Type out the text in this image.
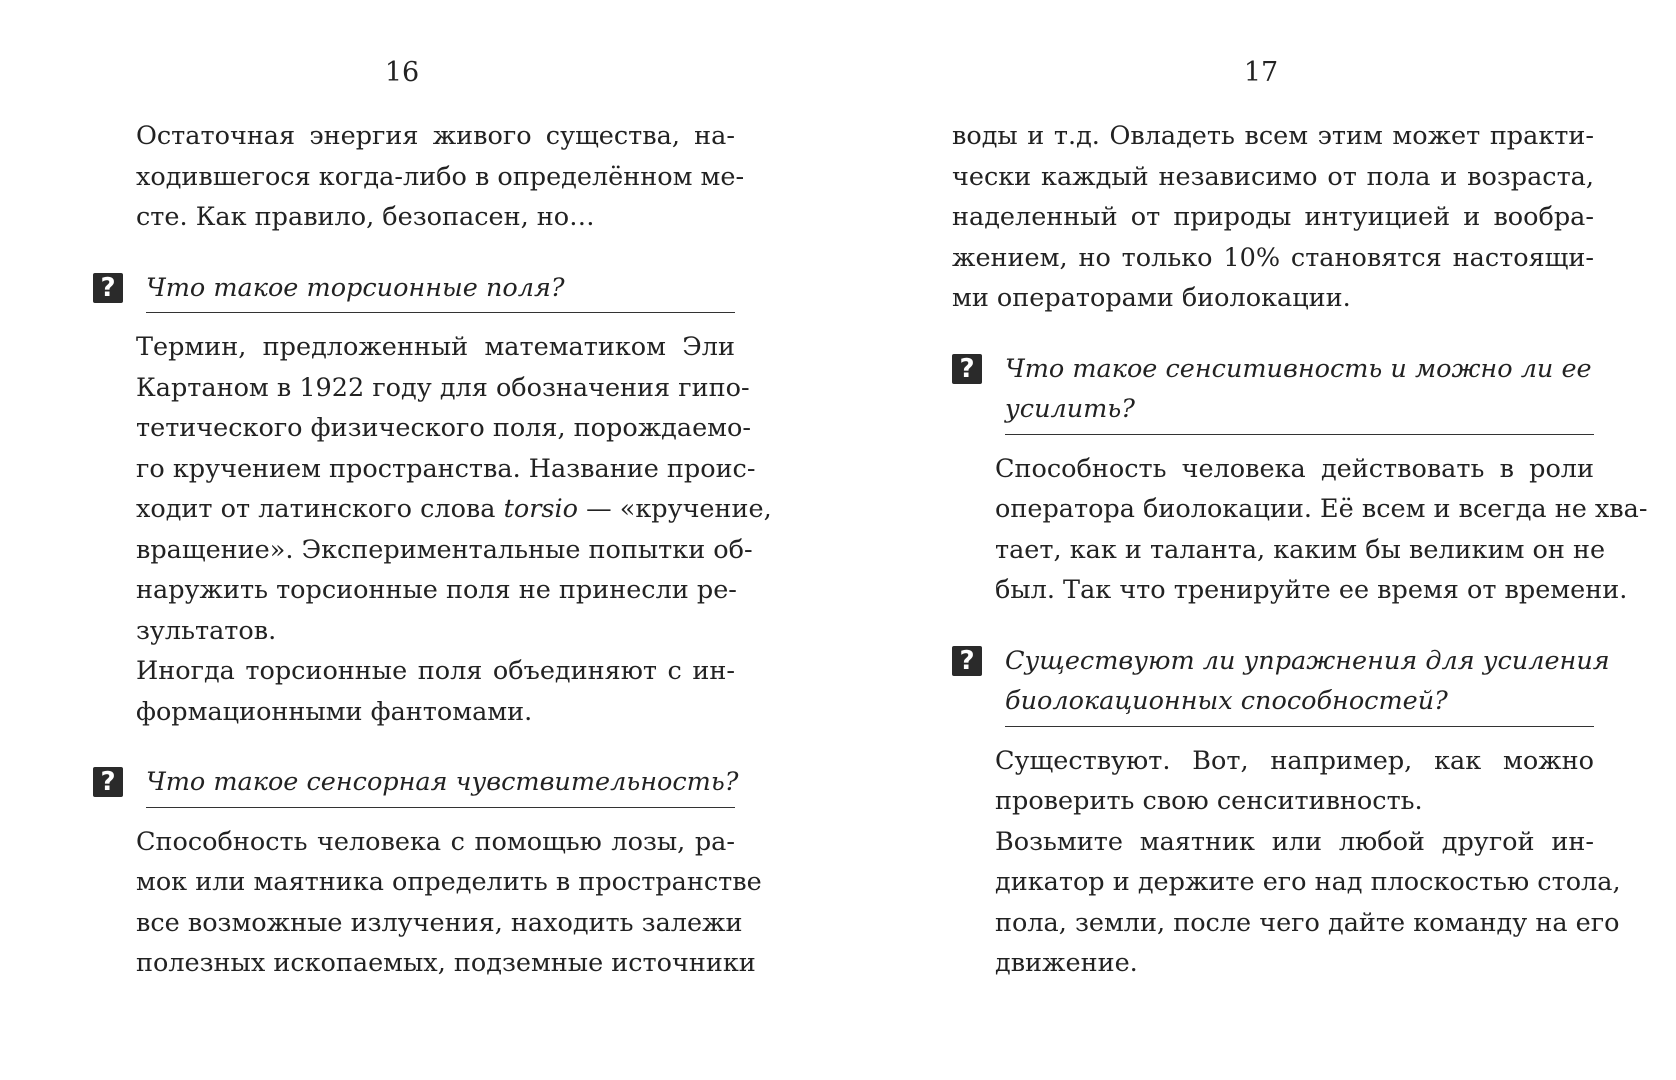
16

Остаточная энергия живого существа, на-
ходившегося когда-либо в определённом ме-
сте. Как правило, безопасен, но…

? Что такое торсионные поля?

Термин, предложенный математиком Эли
Картаном в 1922 году для обозначения гипо-
тетического физического поля, порождаемо-
го кручением пространства. Название проис-
ходит от латинского слова torsio — «кручение,
вращение». Экспериментальные попытки об-
наружить торсионные поля не принесли ре-
зультатов.

Иногда торсионные поля объединяют с ин-
формационными фантомами.

? Что такое сенсорная чувствительность?

Способность человека с помощью лозы, ра-
мок или маятника определить в пространстве
все возможные излучения, находить залежи
полезных ископаемых, подземные источники

17

воды и т.д. Овладеть всем этим может практи-
чески каждый независимо от пола и возраста,
наделенный от природы интуицией и вообра-
жением, но только 10% становятся настоящи-
ми операторами биолокации.

? Что такое сенситивность и можно ли ее
усилить?

Способность человека действовать в роли
оператора биолокации. Её всем и всегда не хва-
тает, как и таланта, каким бы великим он не
был. Так что тренируйте ее время от времени.

? Существуют ли упражнения для усиления
биолокационных способностей?

Существуют. Вот, например, как можно
проверить свою сенситивность.

Возьмите маятник или любой другой ин-
дикатор и держите его над плоскостью стола,
пола, земли, после чего дайте команду на его
движение.
